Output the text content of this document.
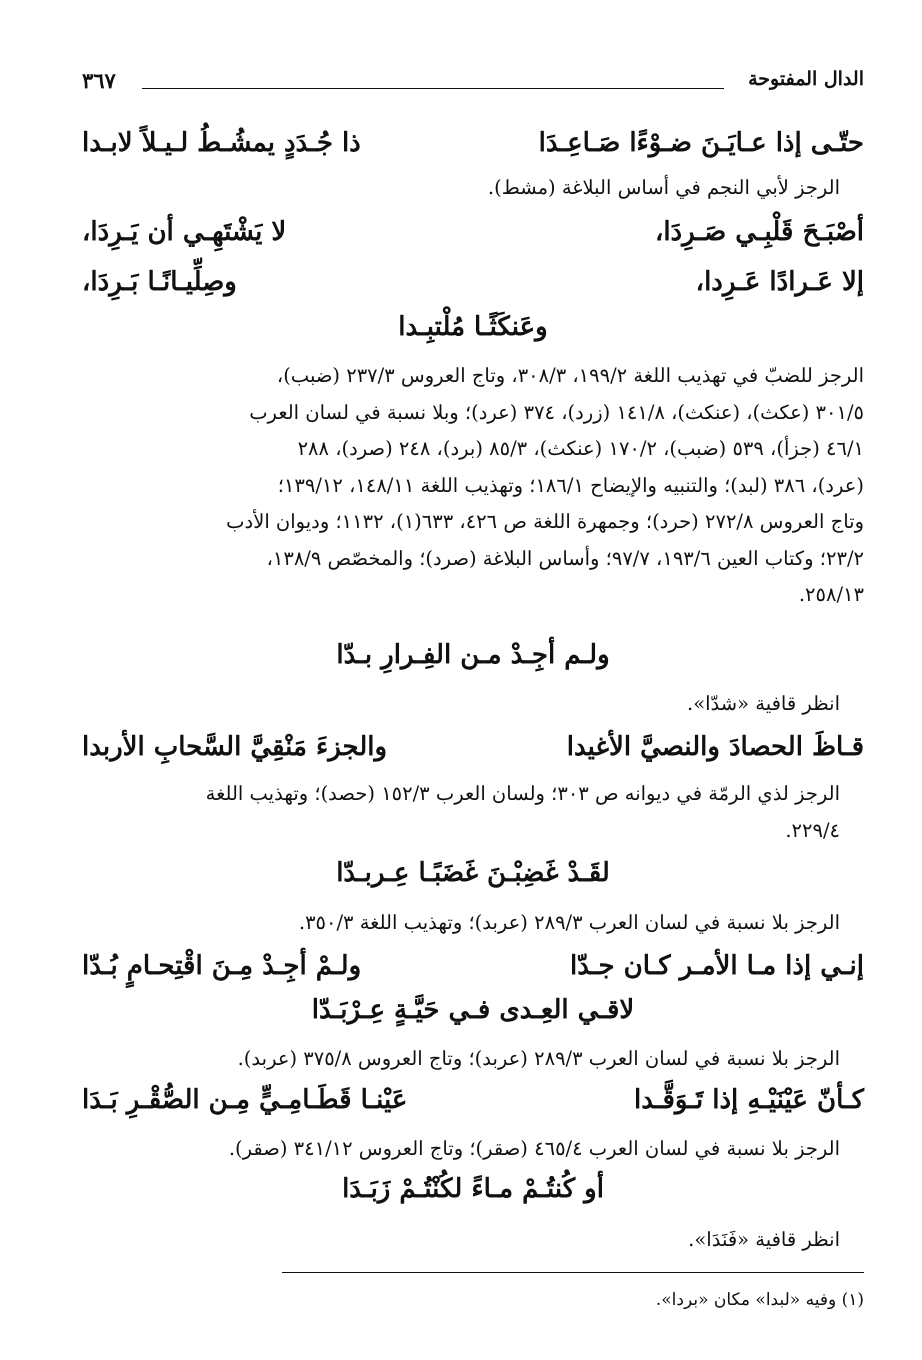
الدال المفتوحة
٣٦٧
حتّـى إذا عـايَـنَ ضـوْءًا صَـاعِـدَا
ذا جُـدَدٍ يمشُـطُ لـيـلاً لابـدا
الرجز لأبي النجم في أساس البلاغة (مشط).
أصْبَـحَ قَلْبِـي صَـرِدَا،
لا يَشْتَهِـي أن يَـرِدَا،
إلا عَـرادًا عَـرِدا،
وصِلِّيـانًـا بَـرِدَا،
وعَنكَثًـا مُلْتبِـدا
الرجز للضبّ في تهذيب اللغة ١٩٩/٢، ٣٠٨/٣، وتاج العروس ٢٣٧/٣ (ضبب)،
٣٠١/٥ (عكث)، (عنكث)، ١٤١/٨ (زرد)، ٣٧٤ (عرد)؛ وبلا نسبة في لسان العرب
٤٦/١ (جزأ)، ٥٣٩ (ضبب)، ١٧٠/٢ (عنكث)، ٨٥/٣ (برد)، ٢٤٨ (صرد)، ٢٨٨
(عرد)، ٣٨٦ (لبد)؛ والتنبيه والإيضاح ١٨٦/١؛ وتهذيب اللغة ١٤٨/١١، ١٣٩/١٢؛
وتاج العروس ٢٧٢/٨ (حرد)؛ وجمهرة اللغة ص ٤٢٦، ٦٣٣(١)، ١١٣٢؛ وديوان الأدب
٢٣/٢؛ وكتاب العين ١٩٣/٦، ٩٧/٧؛ وأساس البلاغة (صرد)؛ والمخصّص ١٣٨/٩،
٢٥٨/١٣.
ولـم أجِـدْ مـن الفِـرارِ بـدّا
انظر قافية «شدّا».
قـاظَ الحصادَ والنصيَّ الأغيدا
والجزءَ مَنْقِيَّ السَّحابِ الأربدا
الرجز لذي الرمّة في ديوانه ص ٣٠٣؛ ولسان العرب ١٥٢/٣ (حصد)؛ وتهذيب اللغة
٢٢٩/٤.
لقَـدْ غَضِبْـنَ غَضَبًـا عِـربـدّا
الرجز بلا نسبة في لسان العرب ٢٨٩/٣ (عربد)؛ وتهذيب اللغة ٣٥٠/٣.
إنـي إذا مـا الأمـر كـان جـدّا
ولـمْ أجِـدْ مِـنَ اقْتِحـامٍ بُـدّا
لاقـي العِـدى فـي حَيَّـةٍ عِـرْبَـدّا
الرجز بلا نسبة في لسان العرب ٢٨٩/٣ (عربد)؛ وتاج العروس ٣٧٥/٨ (عربد).
كـأنّ عَيْنَيْـهِ إذا تَـوَقَّـدا
عَيْنـا قَطَـامِـيٍّ مِـن الصُّقْـرِ بَـدَا
الرجز بلا نسبة في لسان العرب ٤٦٥/٤ (صقر)؛ وتاج العروس ٣٤١/١٢ (صقر).
أو كُنتُـمْ مـاءً لكُنْتُـمْ زَبَـدَا
انظر قافية «فَنَدَا».
(١) وفيه «لبدا» مكان «بردا».
